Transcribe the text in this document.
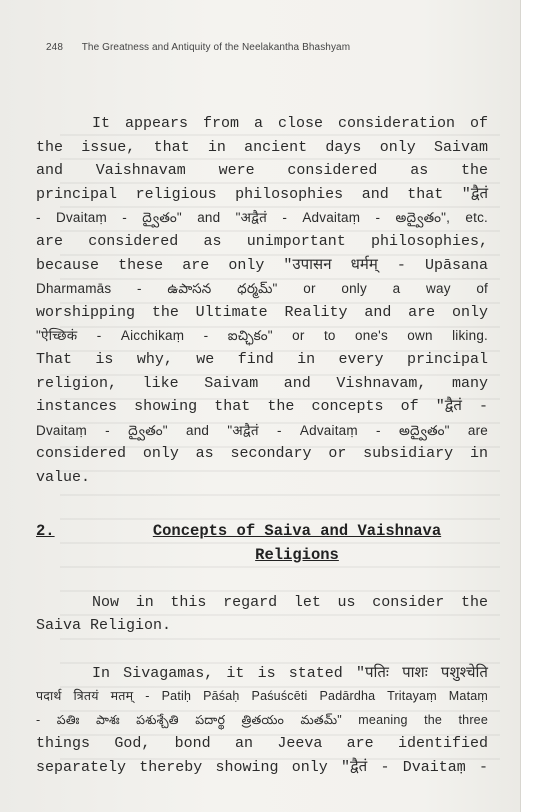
248 The Greatness and Antiquity of the Neelakantha Bhashyam
It appears from a close consideration of
the issue, that in ancient days only Saivam
and Vaishnavam were considered as the
principal religious philosophies and that "द्वैतं
- Dvaitaṃ - ద్వైతం" and "अद्वैतं - Advaitaṃ - అద్వైతం", etc.
are considered as unimportant philosophies,
because these are only "उपासन धर्मम् - Upāsana
Dharmamās - ఉపాసన ధర్మమ్" or only a way of
worshipping the Ultimate Reality and are only
"ऐच्छिकं - Aicchikaṃ - ఐచ్ఛికం" or to one's own liking.
That is why, we find in every principal
religion, like Saivam and Vishnavam, many
instances showing that the concepts of "द्वैतं -
Dvaitaṃ - ద్వైతం" and "अद्वैतं - Advaitaṃ - అద్వైతం" are
considered only as secondary or subsidiary in
value.
2.	Concepts of Saiva and Vaishnava
Religions
Now in this regard let us consider the
Saiva Religion.
In Sivagamas, it is stated "पतिः पाशः पशुश्चेति
पदार्थ त्रितयं मतम् - Patiḥ Pāśaḥ Paśuścēti Padārdha Tritayaṃ Mataṃ
- పతిః పాశః పశుశ్చేతి పదార్థ త్రితయం మతమ్" meaning the three
things God, bond an Jeeva are identified
separately thereby showing only "द्वैतं - Dvaitaṃ -
